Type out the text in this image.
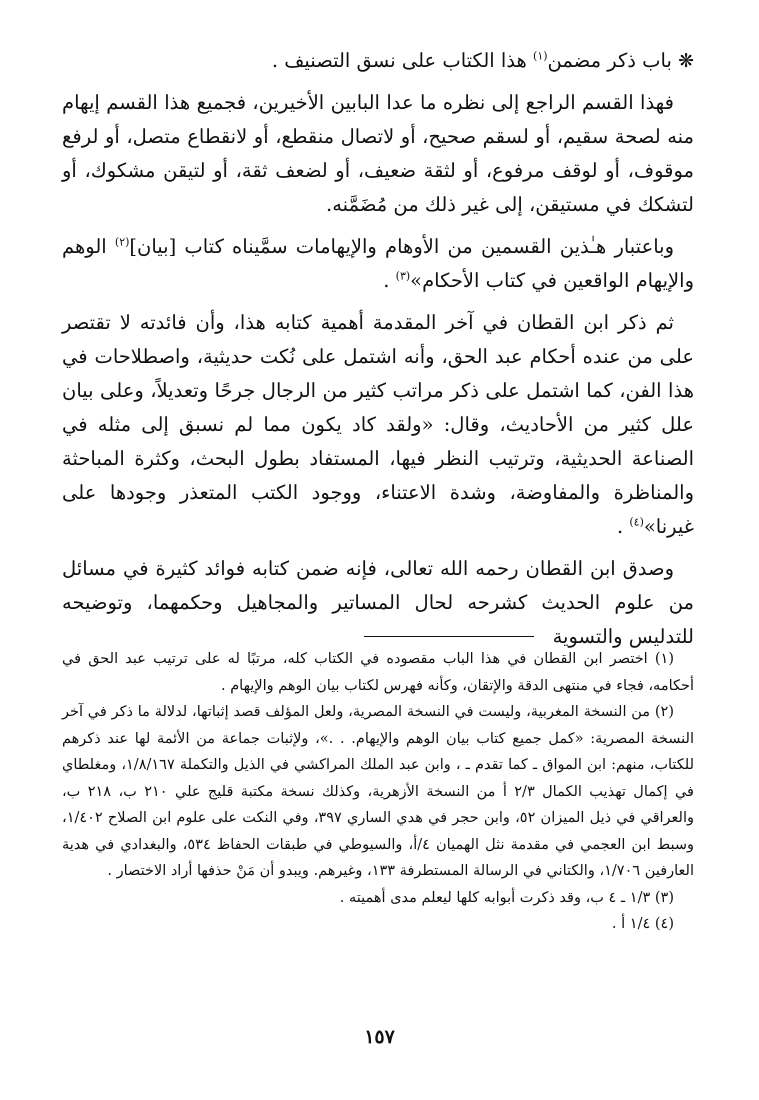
❋ باب ذكر مضمن$^{(١)}$ هذا الكتاب على نسق التصنيف .

فهذا القسم الراجع إلى نظره ما عدا البابين الأخيرين، فجميع هذا القسم إيهام منه لصحة سقيم، أو لسقم صحيح، أو لاتصال منقطع، أو لانقطاع متصل، أو لرفع موقوف، أو لوقف مرفوع، أو لثقة ضعيف، أو لضعف ثقة، أو لتيقن مشكوك، أو لتشكك في مستيقن، إلى غير ذلك من مُضَمَّنه.

وباعتبار هـٰذين القسمين من الأوهام والإيهامات سمَّيناه كتاب [بيان]$^{(٢)}$ الوهم والإيهام الواقعين في كتاب الأحكام»$^{(٣)}$ .

ثم ذكر ابن القطان في آخر المقدمة أهمية كتابه هذا، وأن فائدته لا تقتصر على من عنده أحكام عبد الحق، وأنه اشتمل على نُكت حديثية، واصطلاحات في هذا الفن، كما اشتمل على ذكر مراتب كثير من الرجال جرحًا وتعديلاً، وعلى بيان علل كثير من الأحاديث، وقال: «ولقد كاد يكون مما لم نسبق إلى مثله في الصناعة الحديثية، وترتيب النظر فيها، المستفاد بطول البحث، وكثرة المباحثة والمناظرة والمفاوضة، وشدة الاعتناء، ووجود الكتب المتعذر وجودها على غيرنا»$^{(٤)}$ .

وصدق ابن القطان رحمه الله تعالى، فإنه ضمن كتابه فوائد كثيرة في مسائل من علوم الحديث كشرحه لحال المساتير والمجاهيل وحكمهما، وتوضيحه للتدليس والتسوية

(١) اختصر ابن القطان في هذا الباب مقصوده في الكتاب كله، مرتبًا له على ترتيب عبد الحق في أحكامه، فجاء في منتهى الدقة والإتقان، وكأنه فهرس لكتاب بيان الوهم والإيهام .

(٢) من النسخة المغربية، وليست في النسخة المصرية، ولعل المؤلف قصد إثباتها، لدلالة ما ذكر في آخر النسخة المصرية: «كمل جميع كتاب بيان الوهم والإيهام. . .»، ولإثبات جماعة من الأئمة لها عند ذكرهم للكتاب، منهم: ابن المواق ـ كما تقدم ـ ، وابن عبد الملك المراكشي في الذيل والتكملة ١/٨/١٦٧، ومغلطاي في إكمال تهذيب الكمال ٢/٣ أ من النسخة الأزهرية، وكذلك نسخة مكتبة قليج علي ٢١٠ ب، ٢١٨ ب، والعراقي في ذيل الميزان ٥٢، وابن حجر في هدي الساري ٣٩٧، وفي النكت على علوم ابن الصلاح ١/٤٠٢، وسبط ابن العجمي في مقدمة نثل الهميان ٤/أ، والسيوطي في طبقات الحفاظ ٥٣٤، والبغدادي في هدية العارفين ١/٧٠٦، والكتاني في الرسالة المستطرفة ١٣٣، وغيرهم. ويبدو أن مَنْ حذفها أراد الاختصار .

(٣) ١/٣ ـ ٤ ب، وقد ذكرت أبوابه كلها ليعلم مدى أهميته .

(٤) ١/٤ أ .

١٥٧
